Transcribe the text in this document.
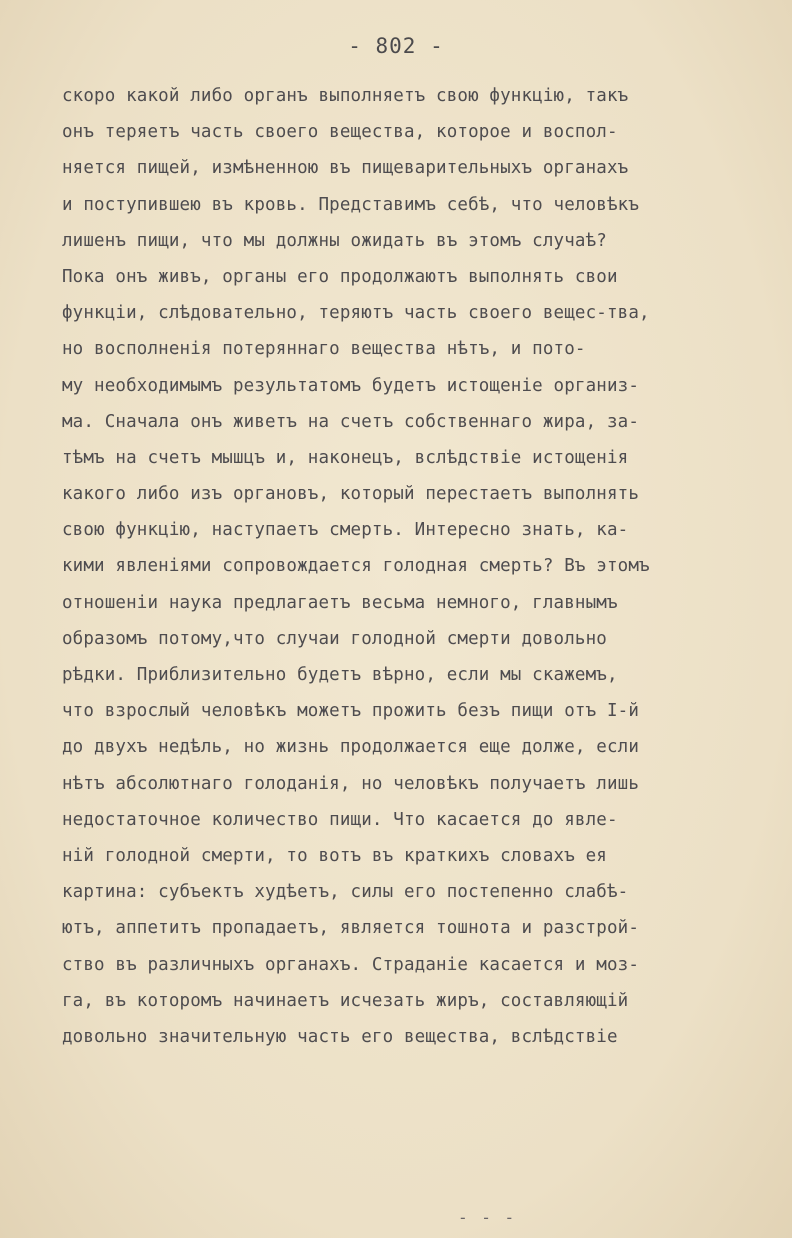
- 802 -
скоро какой либо органъ выполняетъ свою функцію, такъ
онъ теряетъ часть своего вещества, которое и воспол-
няется пищей, измѣненною въ пищеварительныхъ органахъ
и поступившею въ кровь. Представимъ себѣ, что человѣкъ
лишенъ пищи, что мы должны ожидать въ этомъ случаѣ?
Пока онъ живъ, органы его продолжаютъ выполнять свои
функціи, слѣдовательно, теряютъ часть своего вещес-тва,
но восполненія потеряннаго вещества нѣтъ, и пото-
му необходимымъ результатомъ будетъ истощеніе организ-
ма. Сначала онъ живетъ на счетъ собственнаго жира, за-
тѣмъ на счетъ мышцъ и, наконецъ, вслѣдствіе истощенія
какого либо изъ органовъ, который перестаетъ выполнять
свою функцію, наступаетъ смерть. Интересно знать, ка-
кими явленіями сопровождается голодная смерть? Въ этомъ
отношеніи наука предлагаетъ весьма немного, главнымъ
образомъ потому,что случаи голодной смерти довольно
рѣдки. Приблизительно будетъ вѣрно, если мы скажемъ,
что взрослый человѣкъ можетъ прожить безъ пищи отъ I-й
до двухъ недѣль, но жизнь продолжается еще долже, если
нѣтъ абсолютнаго голоданія, но человѣкъ получаетъ лишь
недостаточное количество пищи. Что касается до явле-
ній голодной смерти, то вотъ въ краткихъ словахъ ея
картина: субъектъ худѣетъ, силы его постепенно слабѣ-
ютъ, аппетитъ пропадаетъ, является тошнота и разстрой-
ство въ различныхъ органахъ. Страданіе касается и моз-
га, въ которомъ начинаетъ исчезать жиръ, составляющій
довольно значительную часть его вещества, вслѣдствіе
- - -
